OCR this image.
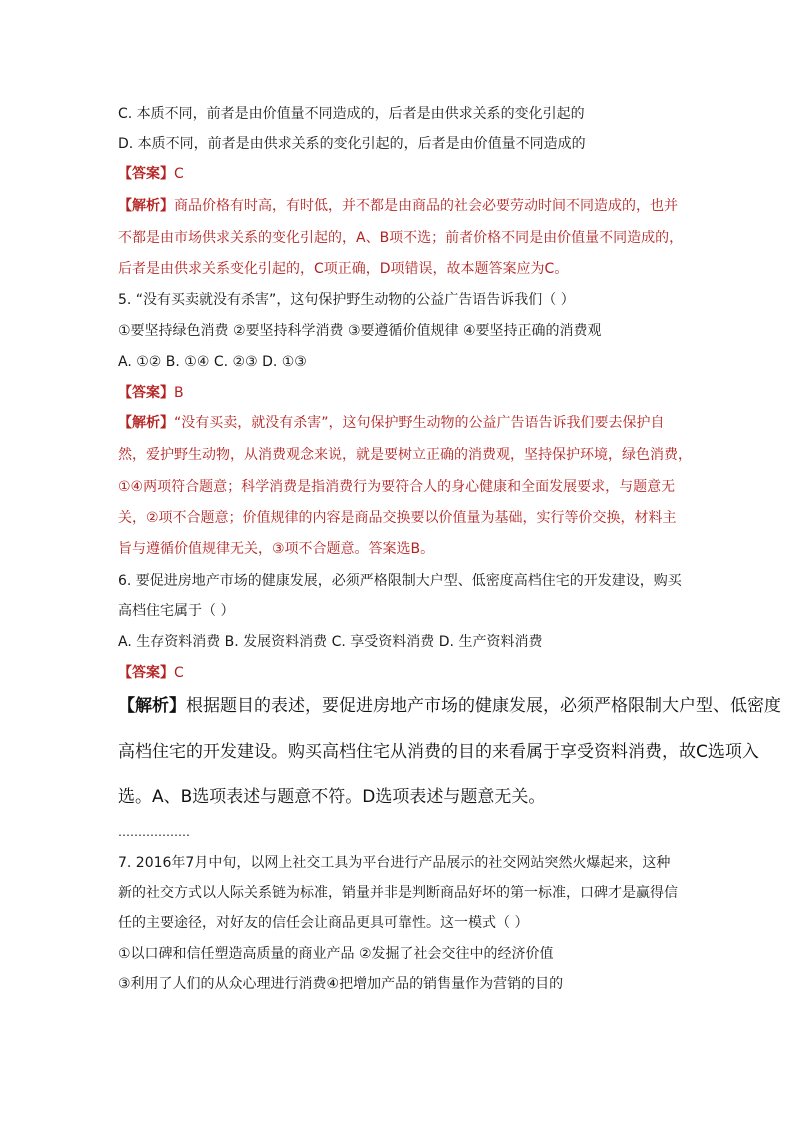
C. 本质不同，前者是由价值量不同造成的，后者是由供求关系的变化引起的
D. 本质不同，前者是由供求关系的变化引起的，后者是由价值量不同造成的
【答案】C
【解析】商品价格有时高，有时低，并不都是由商品的社会必要劳动时间不同造成的，也并
不都是由市场供求关系的变化引起的，A、B项不选；前者价格不同是由价值量不同造成的，
后者是由供求关系变化引起的，C项正确，D项错误，故本题答案应为C。
5. “没有买卖就没有杀害”，这句保护野生动物的公益广告语告诉我们（ ）
①要坚持绿色消费 ②要坚持科学消费 ③要遵循价值规律 ④要坚持正确的消费观
A. ①② B. ①④ C. ②③ D. ①③
【答案】B
【解析】“没有买卖，就没有杀害”，这句保护野生动物的公益广告语告诉我们要去保护自
然，爱护野生动物，从消费观念来说，就是要树立正确的消费观，坚持保护环境，绿色消费，
①④两项符合题意；科学消费是指消费行为要符合人的身心健康和全面发展要求，与题意无
关，②项不合题意；价值规律的内容是商品交换要以价值量为基础，实行等价交换，材料主
旨与遵循价值规律无关，③项不合题意。答案选B。
6. 要促进房地产市场的健康发展，必须严格限制大户型、低密度高档住宅的开发建设，购买
高档住宅属于（ ）
A. 生存资料消费 B. 发展资料消费 C. 享受资料消费 D. 生产资料消费
【答案】C
【解析】根据题目的表述，要促进房地产市场的健康发展，必须严格限制大户型、低密度
高档住宅的开发建设。购买高档住宅从消费的目的来看属于享受资料消费，故C选项入
选。A、B选项表述与题意不符。D选项表述与题意无关。
………………
7. 2016年7月中旬，以网上社交工具为平台进行产品展示的社交网站突然火爆起来，这种
新的社交方式以人际关系链为标准，销量并非是判断商品好坏的第一标准，口碑才是赢得信
任的主要途径，对好友的信任会让商品更具可靠性。这一模式（ ）
①以口碑和信任塑造高质量的商业产品 ②发掘了社会交往中的经济价值
③利用了人们的从众心理进行消费④把增加产品的销售量作为营销的目的
